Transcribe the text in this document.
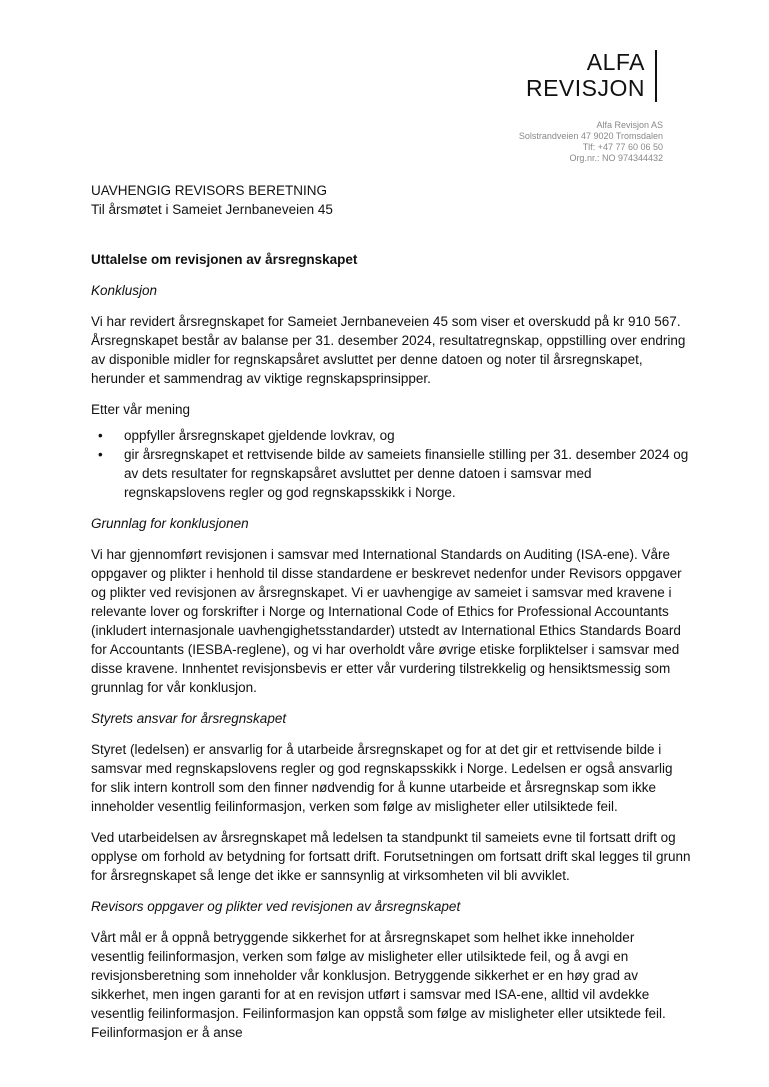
ALFA
REVISJON
Alfa Revisjon AS
Solstrandveien 47 9020 Tromsdalen
Tlf: +47 77 60 06 50
Org.nr.: NO 974344432
UAVHENGIG REVISORS BERETNING
Til årsmøtet i Sameiet Jernbaneveien 45
Uttalelse om revisjonen av årsregnskapet
Konklusjon

Vi har revidert årsregnskapet for Sameiet Jernbaneveien 45 som viser et overskudd på kr 910 567. Årsregnskapet består av balanse per 31. desember 2024, resultatregnskap, oppstilling over endring av disponible midler for regnskapsåret avsluttet per denne datoen og noter til årsregnskapet, herunder et sammendrag av viktige regnskapsprinsipper.

Etter vår mening

• oppfyller årsregnskapet gjeldende lovkrav, og
• gir årsregnskapet et rettvisende bilde av sameiets finansielle stilling per 31. desember 2024 og av dets resultater for regnskapsåret avsluttet per denne datoen i samsvar med regnskapslovens regler og god regnskapsskikk i Norge.
Grunnlag for konklusjonen

Vi har gjennomført revisjonen i samsvar med International Standards on Auditing (ISA-ene). Våre oppgaver og plikter i henhold til disse standardene er beskrevet nedenfor under Revisors oppgaver og plikter ved revisjonen av årsregnskapet. Vi er uavhengige av sameiet i samsvar med kravene i relevante lover og forskrifter i Norge og International Code of Ethics for Professional Accountants (inkludert internasjonale uavhengighetsstandarder) utstedt av International Ethics Standards Board for Accountants (IESBA-reglene), og vi har overholdt våre øvrige etiske forpliktelser i samsvar med disse kravene. Innhentet revisjonsbevis er etter vår vurdering tilstrekkelig og hensiktsmessig som grunnlag for vår konklusjon.

Styrets ansvar for årsregnskapet

Styret (ledelsen) er ansvarlig for å utarbeide årsregnskapet og for at det gir et rettvisende bilde i samsvar med regnskapslovens regler og god regnskapsskikk i Norge. Ledelsen er også ansvarlig for slik intern kontroll som den finner nødvendig for å kunne utarbeide et årsregnskap som ikke inneholder vesentlig feilinformasjon, verken som følge av misligheter eller utilsiktede feil.

Ved utarbeidelsen av årsregnskapet må ledelsen ta standpunkt til sameiets evne til fortsatt drift og opplyse om forhold av betydning for fortsatt drift. Forutsetningen om fortsatt drift skal legges til grunn for årsregnskapet så lenge det ikke er sannsynlig at virksomheten vil bli avviklet.

Revisors oppgaver og plikter ved revisjonen av årsregnskapet

Vårt mål er å oppnå betryggende sikkerhet for at årsregnskapet som helhet ikke inneholder vesentlig feilinformasjon, verken som følge av misligheter eller utilsiktede feil, og å avgi en revisjonsberetning som inneholder vår konklusjon. Betryggende sikkerhet er en høy grad av sikkerhet, men ingen garanti for at en revisjon utført i samsvar med ISA-ene, alltid vil avdekke vesentlig feilinformasjon. Feilinformasjon kan oppstå som følge av misligheter eller utsiktede feil. Feilinformasjon er å anse
